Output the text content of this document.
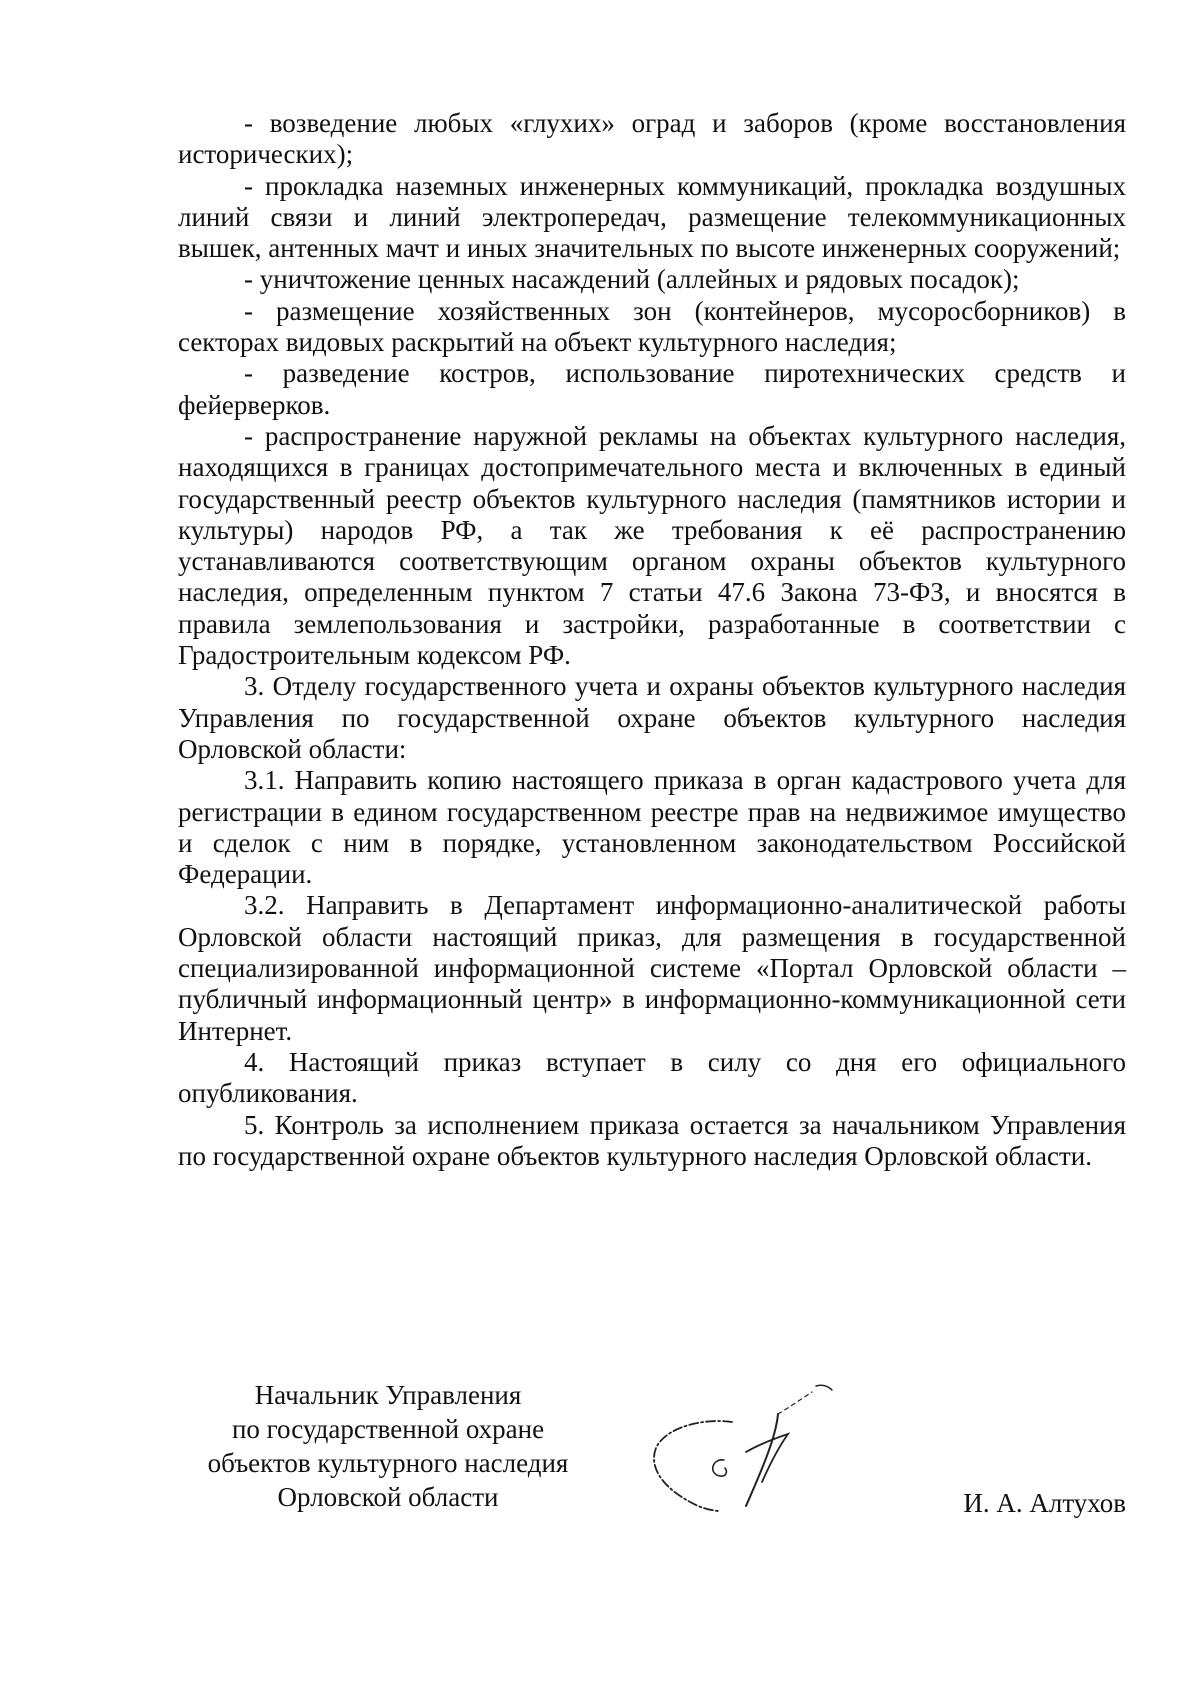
- возведение любых «глухих» оград и заборов (кроме восстановления исторических);

- прокладка наземных инженерных коммуникаций, прокладка воздушных линий связи и линий электропередач, размещение телекоммуникационных вышек, антенных мачт и иных значительных по высоте инженерных сооружений;

- уничтожение ценных насаждений (аллейных и рядовых посадок);

- размещение хозяйственных зон (контейнеров, мусоросборников) в секторах видовых раскрытий на объект культурного наследия;

- разведение костров, использование пиротехнических средств и фейерверков.

- распространение наружной рекламы на объектах культурного наследия, находящихся в границах достопримечательного места и включенных в единый государственный реестр объектов культурного наследия (памятников истории и культуры) народов РФ, а так же требования к её распространению устанавливаются соответствующим органом охраны объектов культурного наследия, определенным пунктом 7 статьи 47.6 Закона 73-ФЗ, и вносятся в правила землепользования и застройки, разработанные в соответствии с Градостроительным кодексом РФ.

3. Отделу государственного учета и охраны объектов культурного наследия Управления по государственной охране объектов культурного наследия Орловской области:

3.1. Направить копию настоящего приказа в орган кадастрового учета для регистрации в едином государственном реестре прав на недвижимое имущество и сделок с ним в порядке, установленном законодательством Российской Федерации.

3.2. Направить в Департамент информационно-аналитической работы Орловской области настоящий приказ, для размещения в государственной специализированной информационной системе «Портал Орловской области – публичный информационный центр» в информационно-коммуникационной сети Интернет.

4. Настоящий приказ вступает в силу со дня его официального опубликования.

5. Контроль за исполнением приказа остается за начальником Управления по государственной охране объектов культурного наследия Орловской области.

Начальник Управления
по государственной охране
объектов культурного наследия
Орловской области	И. А. Алтухов
